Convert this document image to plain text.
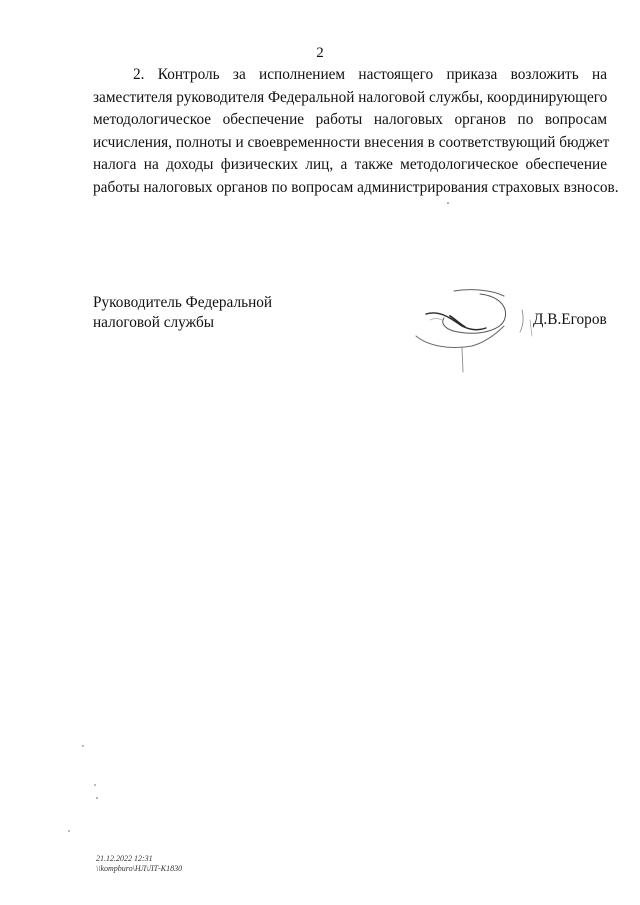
2
2. Контроль за исполнением настоящего приказа возложить на
заместителя руководителя Федеральной налоговой службы, координирующего
методологическое обеспечение работы налоговых органов по вопросам
исчисления, полноты и своевременности внесения в соответствующий бюджет
налога на доходы физических лиц, а также методологическое обеспечение
работы налоговых органов по вопросам администрирования страховых взносов.
Руководитель Федеральной
налоговой службы	Д.В.Егоров
21.12.2022 12:31
\\kompburo\НЛ\ЛТ-К1830
